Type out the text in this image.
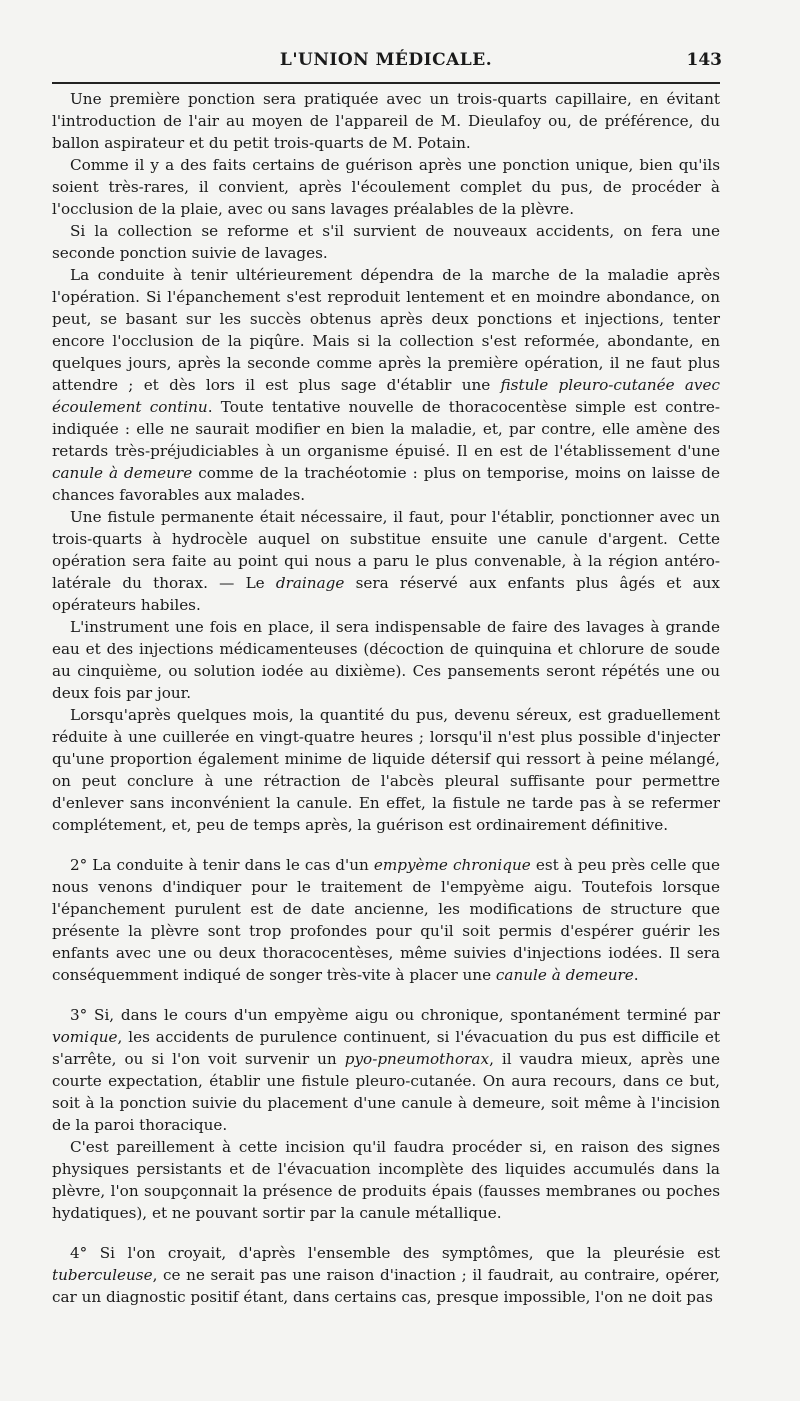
L'UNION MÉDICALE.	143

Une première ponction sera pratiquée avec un trois-quarts capillaire, en évitant l'introduction de l'air au moyen de l'appareil de M. Dieulafoy ou, de préférence, du ballon aspirateur et du petit trois-quarts de M. Potain.

Comme il y a des faits certains de guérison après une ponction unique, bien qu'ils soient très-rares, il convient, après l'écoulement complet du pus, de procéder à l'occlusion de la plaie, avec ou sans lavages préalables de la plèvre.

Si la collection se reforme et s'il survient de nouveaux accidents, on fera une seconde ponction suivie de lavages.

La conduite à tenir ultérieurement dépendra de la marche de la maladie après l'opération. Si l'épanchement s'est reproduit lentement et en moindre abondance, on peut, se basant sur les succès obtenus après deux ponctions et injections, tenter encore l'occlusion de la piqûre. Mais si la collection s'est reformée, abondante, en quelques jours, après la seconde comme après la première opération, il ne faut plus attendre ; et dès lors il est plus sage d'établir une fistule pleuro-cutanée avec écoulement continu. Toute tentative nouvelle de thoracocentèse simple est contre-indiquée : elle ne saurait modifier en bien la maladie, et, par contre, elle amène des retards très-préjudiciables à un organisme épuisé. Il en est de l'établissement d'une canule à demeure comme de la trachéotomie : plus on temporise, moins on laisse de chances favorables aux malades.

Une fistule permanente était nécessaire, il faut, pour l'établir, ponctionner avec un trois-quarts à hydrocèle auquel on substitue ensuite une canule d'argent. Cette opération sera faite au point qui nous a paru le plus convenable, à la région antéro-latérale du thorax. — Le drainage sera réservé aux enfants plus âgés et aux opérateurs habiles.

L'instrument une fois en place, il sera indispensable de faire des lavages à grande eau et des injections médicamenteuses (décoction de quinquina et chlorure de soude au cinquième, ou solution iodée au dixième). Ces pansements seront répétés une ou deux fois par jour.

Lorsqu'après quelques mois, la quantité du pus, devenu séreux, est graduellement réduite à une cuillerée en vingt-quatre heures ; lorsqu'il n'est plus possible d'injecter qu'une proportion également minime de liquide détersif qui ressort à peine mélangé, on peut conclure à une rétraction de l'abcès pleural suffisante pour permettre d'enlever sans inconvénient la canule. En effet, la fistule ne tarde pas à se refermer complétement, et, peu de temps après, la guérison est ordinairement définitive.

2° La conduite à tenir dans le cas d'un empyème chronique est à peu près celle que nous venons d'indiquer pour le traitement de l'empyème aigu. Toutefois lorsque l'épanchement purulent est de date ancienne, les modifications de structure que présente la plèvre sont trop profondes pour qu'il soit permis d'espérer guérir les enfants avec une ou deux thoracocentèses, même suivies d'injections iodées. Il sera conséquemment indiqué de songer très-vite à placer une canule à demeure.

3° Si, dans le cours d'un empyème aigu ou chronique, spontanément terminé par vomique, les accidents de purulence continuent, si l'évacuation du pus est difficile et s'arrête, ou si l'on voit survenir un pyo-pneumothorax, il vaudra mieux, après une courte expectation, établir une fistule pleuro-cutanée. On aura recours, dans ce but, soit à la ponction suivie du placement d'une canule à demeure, soit même à l'incision de la paroi thoracique.

C'est pareillement à cette incision qu'il faudra procéder si, en raison des signes physiques persistants et de l'évacuation incomplète des liquides accumulés dans la plèvre, l'on soupçonnait la présence de produits épais (fausses membranes ou poches hydatiques), et ne pouvant sortir par la canule métallique.

4° Si l'on croyait, d'après l'ensemble des symptômes, que la pleurésie est tuberculeuse, ce ne serait pas une raison d'inaction ; il faudrait, au contraire, opérer, car un diagnostic positif étant, dans certains cas, presque impossible, l'on ne doit pas
